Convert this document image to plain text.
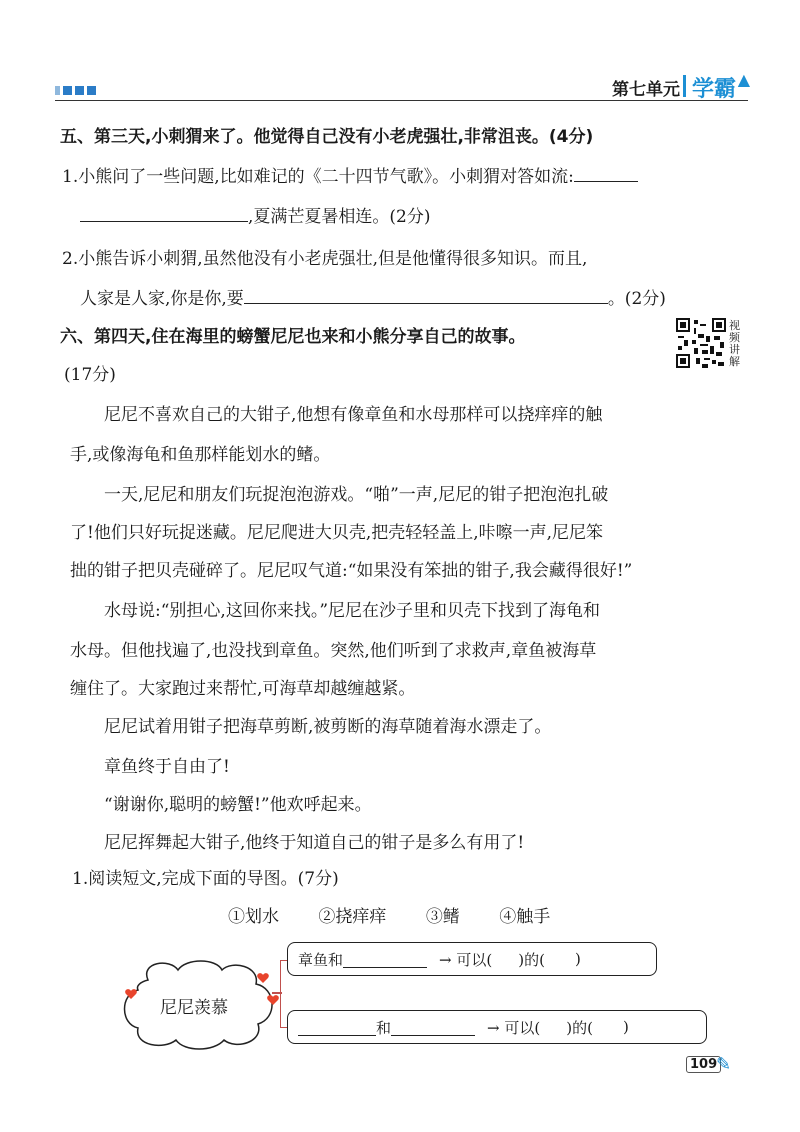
第七单元 学霸 ▲
五、第三天,小刺猬来了。他觉得自己没有小老虎强壮,非常沮丧。(4分)
1.小熊问了一些问题,比如难记的《二十四节气歌》。小刺猬对答如流:
,夏满芒夏暑相连。(2分)
2.小熊告诉小刺猬,虽然他没有小老虎强壮,但是他懂得很多知识。而且,
人家是人家,你是你,要	。(2分)
六、第四天,住在海里的螃蟹尼尼也来和小熊分享自己的故事。
视频讲解
(17分)
尼尼不喜欢自己的大钳子,他想有像章鱼和水母那样可以挠痒痒的触
手,或像海龟和鱼那样能划水的鳍。
一天,尼尼和朋友们玩捉泡泡游戏。“啪”一声,尼尼的钳子把泡泡扎破
了!他们只好玩捉迷藏。尼尼爬进大贝壳,把壳轻轻盖上,咔嚓一声,尼尼笨
拙的钳子把贝壳碰碎了。尼尼叹气道:“如果没有笨拙的钳子,我会藏得很好!”
水母说:“别担心,这回你来找。”尼尼在沙子里和贝壳下找到了海龟和
水母。但他找遍了,也没找到章鱼。突然,他们听到了求救声,章鱼被海草
缠住了。大家跑过来帮忙,可海草却越缠越紧。
尼尼试着用钳子把海草剪断,被剪断的海草随着海水漂走了。
章鱼终于自由了!
“谢谢你,聪明的螃蟹!”他欢呼起来。
尼尼挥舞起大钳子,他终于知道自己的钳子是多么有用了!
1.阅读短文,完成下面的导图。(7分)
①划水 ②挠痒痒 ③鳍 ④触手
尼尼羡慕
章鱼和	→ 可以( )的( )
和	→ 可以( )的( )
109
✎
